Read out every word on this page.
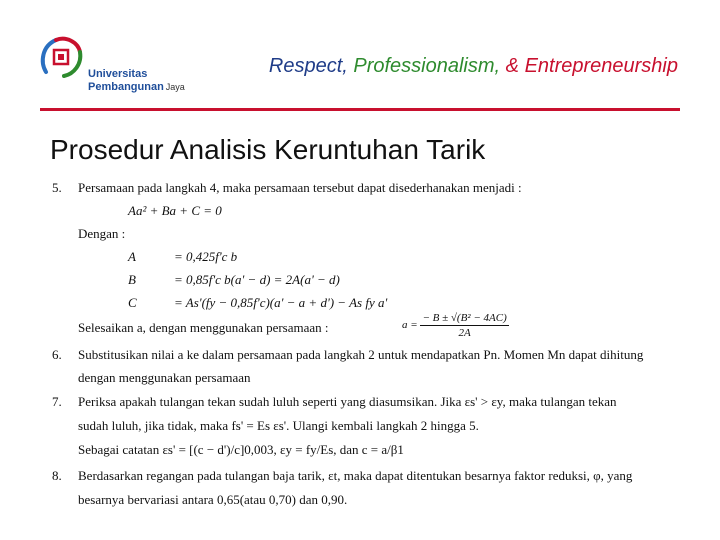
Universitas
Pembangunan Jaya
Respect, Professionalism, & Entrepreneurship
Prosedur Analisis Keruntuhan Tarik
5. Persamaan pada langkah 4, maka persamaan tersebut dapat disederhanakan menjadi :
Aa² + Ba + C = 0
Dengan :
A	= 0,425f'c b
B	= 0,85f'c b(a' − d) = 2A(a' − d)
C	= As'(fy − 0,85f'c)(a' − a + d') − As fy a'
Selesaikan a, dengan menggunakan persamaan :	$a = \frac{\text{− B ± √(B² − 4AC)}}{2A}$
6. Substitusikan nilai a ke dalam persamaan pada langkah 2 untuk mendapatkan Pn. Momen Mn dapat dihitung
dengan menggunakan persamaan
7. Periksa apakah tulangan tekan sudah luluh seperti yang diasumsikan. Jika εs' > εy, maka tulangan tekan
sudah luluh, jika tidak, maka fs' = Es εs'. Ulangi kembali langkah 2 hingga 5.
Sebagai catatan εs' = [(c − d')/c]0,003, εy = fy/Es, dan c = a/β1
8. Berdasarkan regangan pada tulangan baja tarik, εt, maka dapat ditentukan besarnya faktor reduksi, φ, yang
besarnya bervariasi antara 0,65(atau 0,70) dan 0,90.
